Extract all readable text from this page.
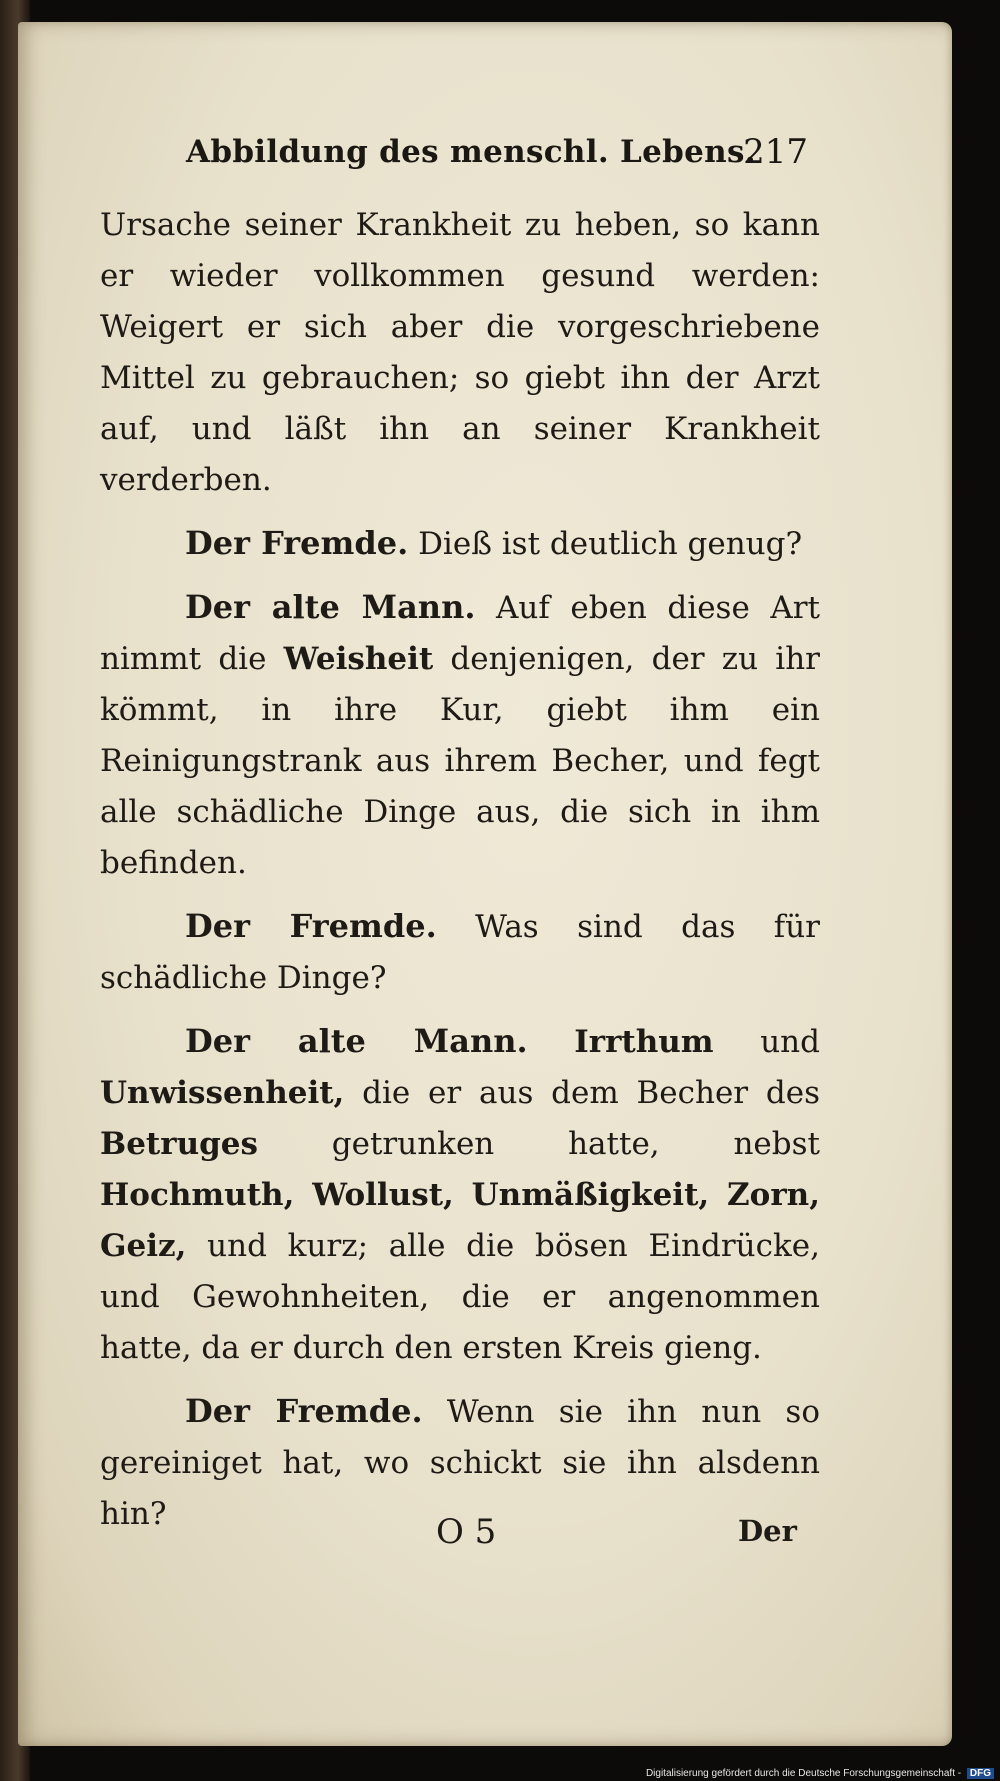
Abbildung des menschl. Lebens.
217

Ursache seiner Krankheit zu heben, so kann er wieder vollkommen gesund werden: Weigert er sich aber die vorgeschriebene Mittel zu gebrauchen; so giebt ihn der Arzt auf, und läßt ihn an seiner Krankheit verderben.

Der Fremde. Dieß ist deutlich genug?

Der alte Mann. Auf eben diese Art nimmt die Weisheit denjenigen, der zu ihr kömmt, in ihre Kur, giebt ihm ein Reinigungstrank aus ihrem Becher, und fegt alle schädliche Dinge aus, die sich in ihm befinden.

Der Fremde. Was sind das für schädliche Dinge?

Der alte Mann. Irrthum und Unwissenheit, die er aus dem Becher des Betruges getrunken hatte, nebst Hochmuth, Wollust, Unmäßigkeit, Zorn, Geiz, und kurz; alle die bösen Eindrücke, und Gewohnheiten, die er angenommen hatte, da er durch den ersten Kreis gieng.

Der Fremde. Wenn sie ihn nun so gereiniget hat, wo schickt sie ihn alsdenn hin?	O 5	Der
Digitalisierung gefördert durch die Deutsche Forschungsgemeinschaft - DFG
